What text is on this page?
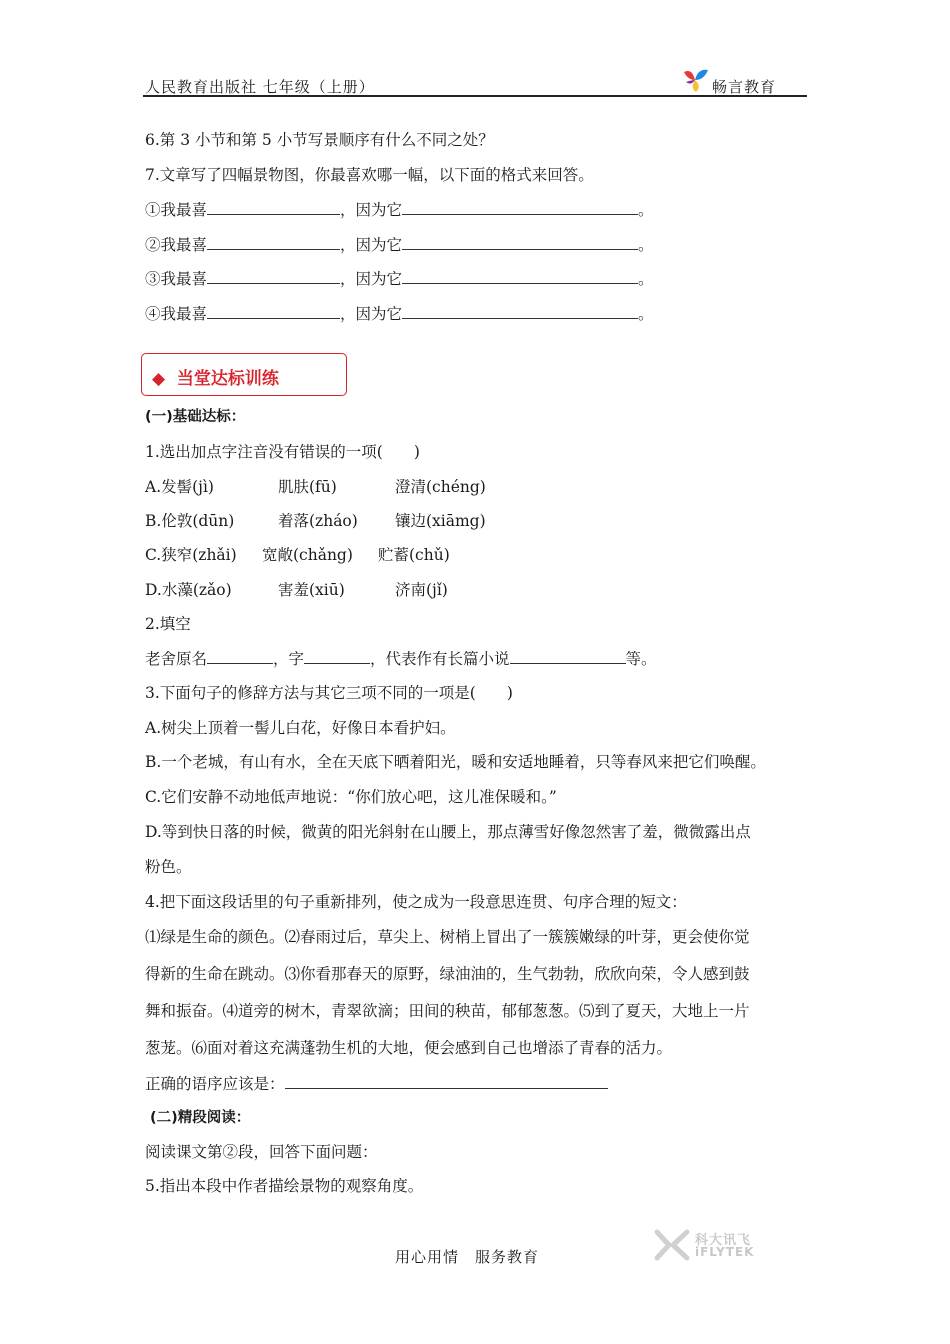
人民教育出版社 七年级（上册）	畅言教育
6.第 3 小节和第 5 小节写景顺序有什么不同之处？
7.文章写了四幅景物图，你最喜欢哪一幅，以下面的格式来回答。
①我最喜	，因为它	。
②我最喜	，因为它	。
③我最喜	，因为它	。
④我最喜	，因为它	。
◆ 当堂达标训练
(一)基础达标：
1.选出加点字注音没有错误的一项(　　)
A.发髻(jì)	肌肤(fū)	澄清(chéng)
B.伦敦(dūn)	着落(zháo) 镶边(xiāmg)
C.狭窄(zhǎi) 宽敞(chǎng) 贮蓄(chǔ)
D.水藻(zǎo)	害羞(xiū)	济南(jǐ)
2.填空
老舍原名	，字	，代表作有长篇小说	等。
3.下面句子的修辞方法与其它三项不同的一项是(　　)
A.树尖上顶着一髻儿白花，好像日本看护妇。
B.一个老城，有山有水，全在天底下晒着阳光，暖和安适地睡着，只等春风来把它们唤醒。
C.它们安静不动地低声地说：“你们放心吧，这儿准保暖和。”
D.等到快日落的时候，微黄的阳光斜射在山腰上，那点薄雪好像忽然害了羞，微微露出点
粉色。
4.把下面这段话里的句子重新排列，使之成为一段意思连贯、句序合理的短文：
⑴绿是生命的颜色。⑵春雨过后，草尖上、树梢上冒出了一簇簇嫩绿的叶芽，更会使你觉
得新的生命在跳动。⑶你看那春天的原野，绿油油的，生气勃勃，欣欣向荣，令人感到鼓
舞和振奋。⑷道旁的树木，青翠欲滴；田间的秧苗，郁郁葱葱。⑸到了夏天，大地上一片
葱茏。⑹面对着这充满蓬勃生机的大地，便会感到自己也增添了青春的活力。
正确的语序应该是：
(二)精段阅读：
阅读课文第②段，回答下面问题：
5.指出本段中作者描绘景物的观察角度。
用心用情　服务教育
科大讯飞
iFLYTEK
